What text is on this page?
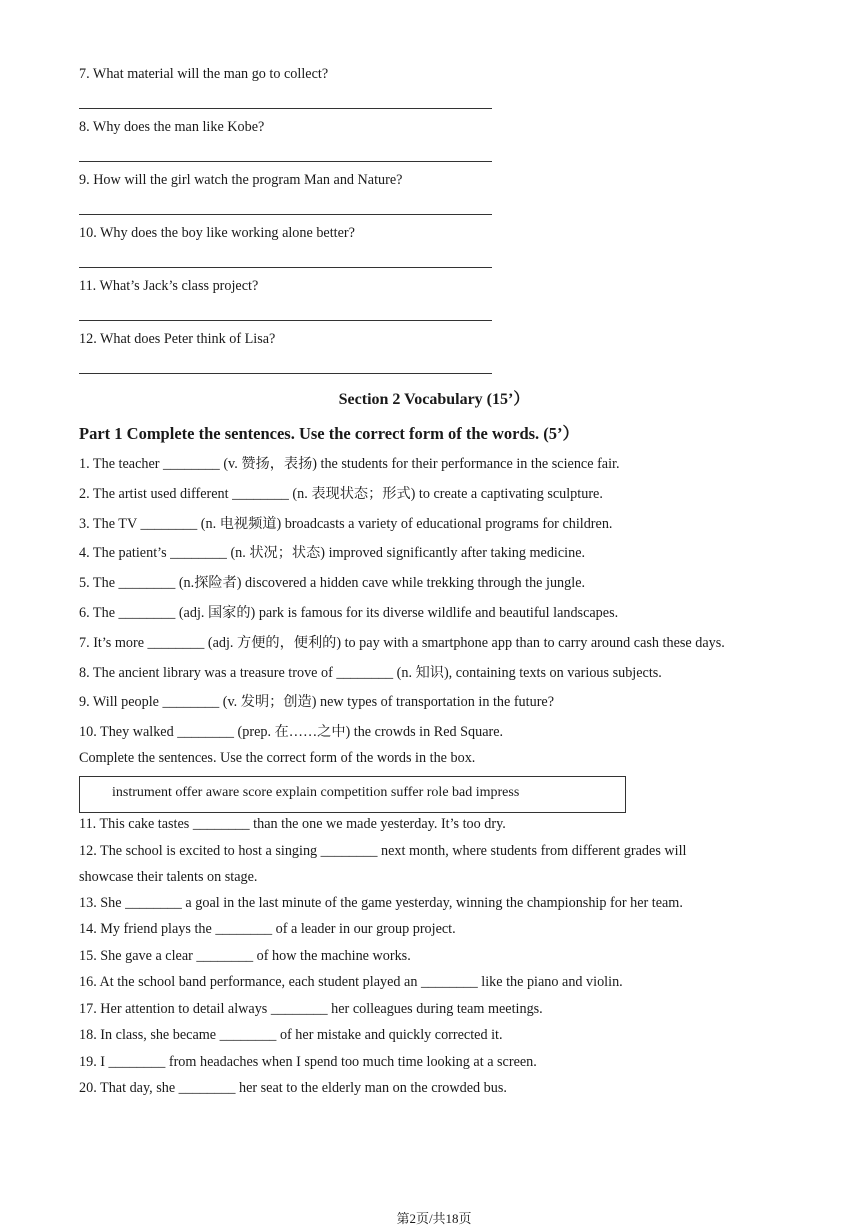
7. What material will the man go to collect?
8. Why does the man like Kobe?
9. How will the girl watch the program Man and Nature?
10. Why does the boy like working alone better?
11. What’s Jack’s class project?
12. What does Peter think of Lisa?
Section 2 Vocabulary (15’）
Part 1 Complete the sentences. Use the correct form of the words. (5’）
1. The teacher ________ (v. 赞扬，表扬) the students for their performance in the science fair.
2. The artist used different ________ (n. 表现状态；形式) to create a captivating sculpture.
3. The TV ________ (n. 电视频道) broadcasts a variety of educational programs for children.
4. The patient’s ________ (n. 状况；状态) improved significantly after taking medicine.
5. The ________ (n.探险者) discovered a hidden cave while trekking through the jungle.
6. The ________ (adj. 国家的) park is famous for its diverse wildlife and beautiful landscapes.
7. It’s more ________ (adj. 方便的，便利的) to pay with a smartphone app than to carry around cash these days.
8. The ancient library was a treasure trove of ________ (n. 知识), containing texts on various subjects.
9. Will people ________ (v. 发明；创造) new types of transportation in the future?
10. They walked ________ (prep. 在……之中) the crowds in Red Square.
Complete the sentences. Use the correct form of the words in the box.
instrument offer aware score explain competition suffer role bad impress
11. This cake tastes ________ than the one we made yesterday. It’s too dry.
12. The school is excited to host a singing ________ next month, where students from different grades will
showcase their talents on stage.
13. She ________ a goal in the last minute of the game yesterday, winning the championship for her team.
14. My friend plays the ________ of a leader in our group project.
15. She gave a clear ________ of how the machine works.
16. At the school band performance, each student played an ________ like the piano and violin.
17. Her attention to detail always ________ her colleagues during team meetings.
18. In class, she became ________ of her mistake and quickly corrected it.
19. I ________ from headaches when I spend too much time looking at a screen.
20. That day, she ________ her seat to the elderly man on the crowded bus.
第2页/共18页
